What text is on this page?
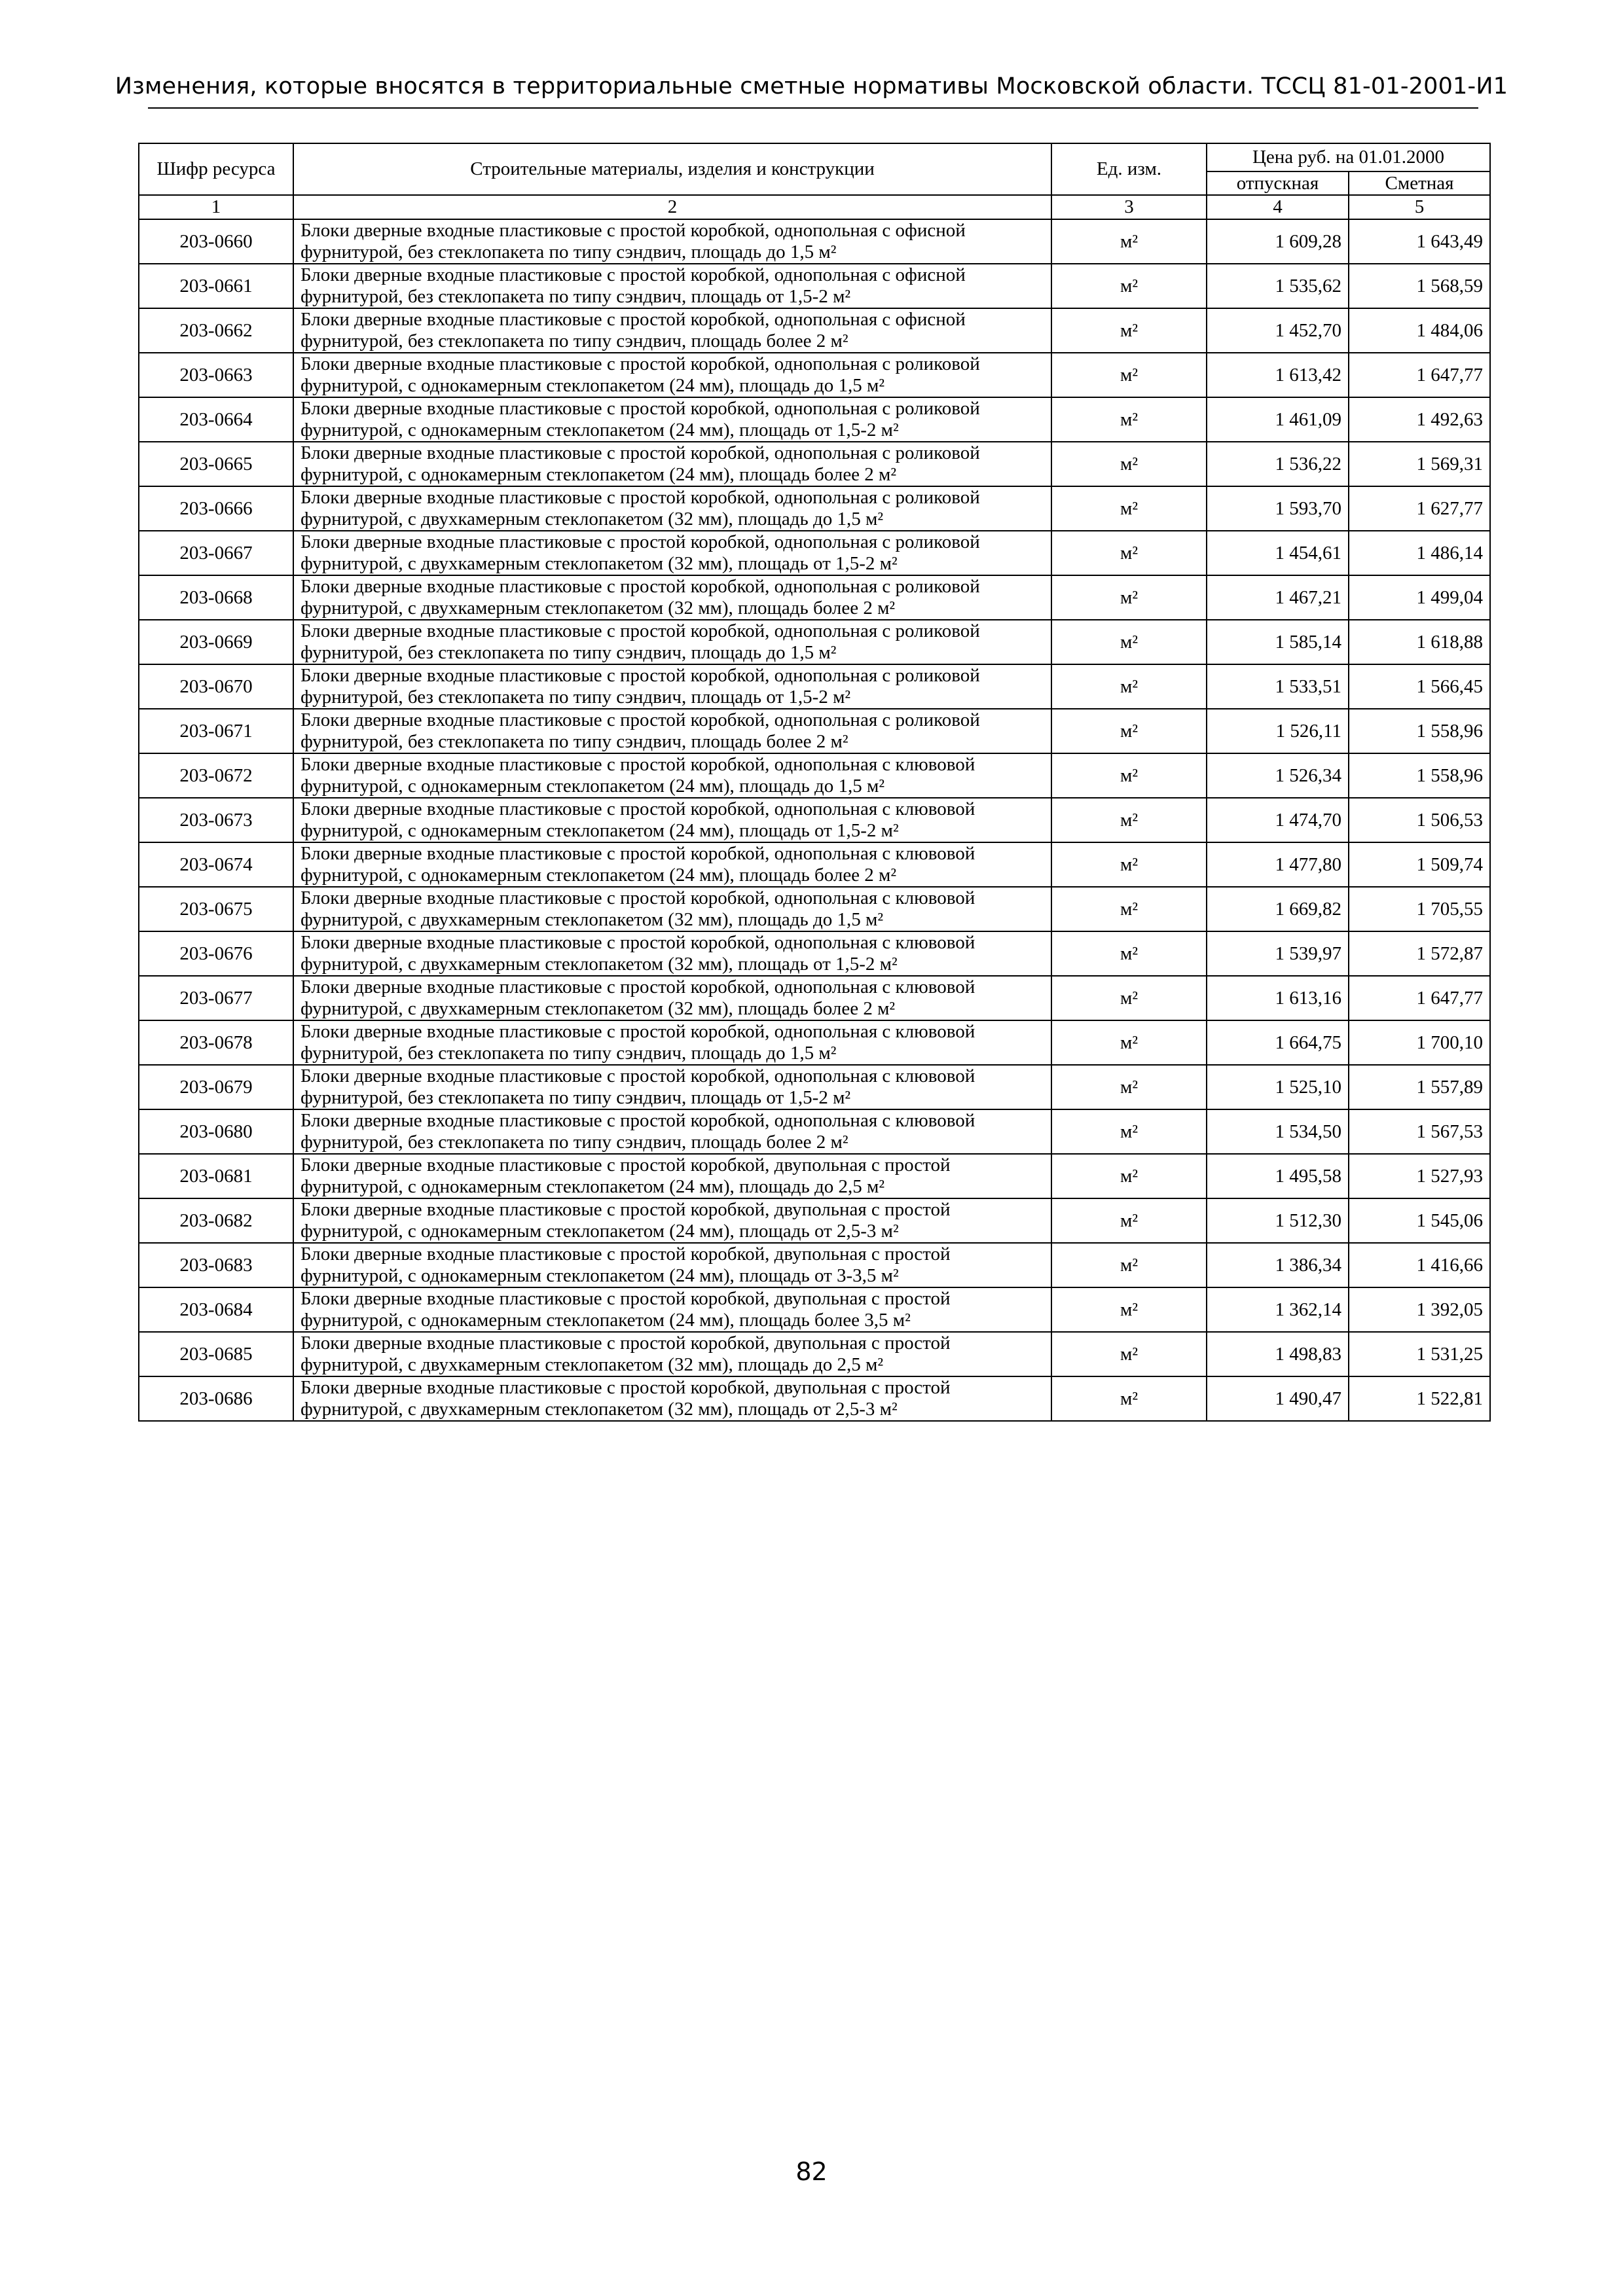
Изменения, которые вносятся в территориальные сметные нормативы Московской области. ТССЦ 81-01-2001-И1
Шифр ресурса	Строительные материалы, изделия и конструкции	Ед. изм.	Цена руб. на 01.01.2000	
			отпускная	Сметная
1	2	3	4	5
203-0660	Блоки дверные входные пластиковые с простой коробкой, однопольная с офисной фурнитурой, без стеклопакета по типу сэндвич, площадь до 1,5 м²	м²	1 609,28	1 643,49
203-0661	Блоки дверные входные пластиковые с простой коробкой, однопольная с офисной фурнитурой, без стеклопакета по типу сэндвич, площадь от 1,5-2 м²	м²	1 535,62	1 568,59
203-0662	Блоки дверные входные пластиковые с простой коробкой, однопольная с офисной фурнитурой, без стеклопакета по типу сэндвич, площадь более 2 м²	м²	1 452,70	1 484,06
203-0663	Блоки дверные входные пластиковые с простой коробкой, однопольная с роликовой фурнитурой, с однокамерным стеклопакетом (24 мм), площадь до 1,5 м²	м²	1 613,42	1 647,77
203-0664	Блоки дверные входные пластиковые с простой коробкой, однопольная с роликовой фурнитурой, с однокамерным стеклопакетом (24 мм), площадь от 1,5-2 м²	м²	1 461,09	1 492,63
203-0665	Блоки дверные входные пластиковые с простой коробкой, однопольная с роликовой фурнитурой, с однокамерным стеклопакетом (24 мм), площадь более 2 м²	м²	1 536,22	1 569,31
203-0666	Блоки дверные входные пластиковые с простой коробкой, однопольная с роликовой фурнитурой, с двухкамерным стеклопакетом (32 мм), площадь до 1,5 м²	м²	1 593,70	1 627,77
203-0667	Блоки дверные входные пластиковые с простой коробкой, однопольная с роликовой фурнитурой, с двухкамерным стеклопакетом (32 мм), площадь от 1,5-2 м²	м²	1 454,61	1 486,14
203-0668	Блоки дверные входные пластиковые с простой коробкой, однопольная с роликовой фурнитурой, с двухкамерным стеклопакетом (32 мм), площадь более 2 м²	м²	1 467,21	1 499,04
203-0669	Блоки дверные входные пластиковые с простой коробкой, однопольная с роликовой фурнитурой, без стеклопакета по типу сэндвич, площадь до 1,5 м²	м²	1 585,14	1 618,88
203-0670	Блоки дверные входные пластиковые с простой коробкой, однопольная с роликовой фурнитурой, без стеклопакета по типу сэндвич, площадь от 1,5-2 м²	м²	1 533,51	1 566,45
203-0671	Блоки дверные входные пластиковые с простой коробкой, однопольная с роликовой фурнитурой, без стеклопакета по типу сэндвич, площадь более 2 м²	м²	1 526,11	1 558,96
203-0672	Блоки дверные входные пластиковые с простой коробкой, однопольная с клювовой фурнитурой, с однокамерным стеклопакетом (24 мм), площадь до 1,5 м²	м²	1 526,34	1 558,96
203-0673	Блоки дверные входные пластиковые с простой коробкой, однопольная с клювовой фурнитурой, с однокамерным стеклопакетом (24 мм), площадь от 1,5-2 м²	м²	1 474,70	1 506,53
203-0674	Блоки дверные входные пластиковые с простой коробкой, однопольная с клювовой фурнитурой, с однокамерным стеклопакетом (24 мм), площадь более 2 м²	м²	1 477,80	1 509,74
203-0675	Блоки дверные входные пластиковые с простой коробкой, однопольная с клювовой фурнитурой, с двухкамерным стеклопакетом (32 мм), площадь до 1,5 м²	м²	1 669,82	1 705,55
203-0676	Блоки дверные входные пластиковые с простой коробкой, однопольная с клювовой фурнитурой, с двухкамерным стеклопакетом (32 мм), площадь от 1,5-2 м²	м²	1 539,97	1 572,87
203-0677	Блоки дверные входные пластиковые с простой коробкой, однопольная с клювовой фурнитурой, с двухкамерным стеклопакетом (32 мм), площадь более 2 м²	м²	1 613,16	1 647,77
203-0678	Блоки дверные входные пластиковые с простой коробкой, однопольная с клювовой фурнитурой, без стеклопакета по типу сэндвич, площадь до 1,5 м²	м²	1 664,75	1 700,10
203-0679	Блоки дверные входные пластиковые с простой коробкой, однопольная с клювовой фурнитурой, без стеклопакета по типу сэндвич, площадь от 1,5-2 м²	м²	1 525,10	1 557,89
203-0680	Блоки дверные входные пластиковые с простой коробкой, однопольная с клювовой фурнитурой, без стеклопакета по типу сэндвич, площадь более 2 м²	м²	1 534,50	1 567,53
203-0681	Блоки дверные входные пластиковые с простой коробкой, двупольная с простой фурнитурой, с однокамерным стеклопакетом (24 мм), площадь до 2,5 м²	м²	1 495,58	1 527,93
203-0682	Блоки дверные входные пластиковые с простой коробкой, двупольная с простой фурнитурой, с однокамерным стеклопакетом (24 мм), площадь от 2,5-3 м²	м²	1 512,30	1 545,06
203-0683	Блоки дверные входные пластиковые с простой коробкой, двупольная с простой фурнитурой, с однокамерным стеклопакетом (24 мм), площадь от 3-3,5 м²	м²	1 386,34	1 416,66
203-0684	Блоки дверные входные пластиковые с простой коробкой, двупольная с простой фурнитурой, с однокамерным стеклопакетом (24 мм), площадь более 3,5 м²	м²	1 362,14	1 392,05
203-0685	Блоки дверные входные пластиковые с простой коробкой, двупольная с простой фурнитурой, с двухкамерным стеклопакетом (32 мм), площадь до 2,5 м²	м²	1 498,83	1 531,25
203-0686	Блоки дверные входные пластиковые с простой коробкой, двупольная с простой фурнитурой, с двухкамерным стеклопакетом (32 мм), площадь от 2,5-3 м²	м²	1 490,47	1 522,81
82
